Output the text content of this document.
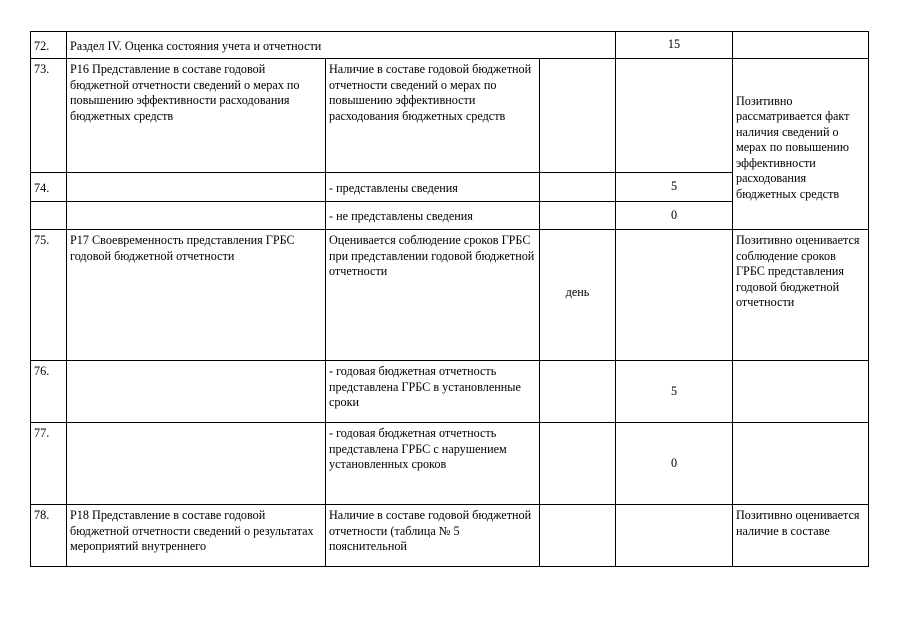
72.	Раздел IV. Оценка состояния учета и отчетности			15	
73.	P16 Представление в составе годовой бюджетной отчетности сведений о мерах по повышению эффективности расходования бюджетных средств	Наличие в составе годовой бюджетной отчетности сведений о мерах по повышению эффективности расходования бюджетных средств			Позитивно рассматривается факт наличия сведений о мерах по повышению эффективности расходования бюджетных средств
74.		- представлены сведения		5	
		- не представлены сведения		0	
75.	P17 Своевременность представления ГРБС годовой бюджетной отчетности	Оценивается соблюдение сроков ГРБС при представлении годовой бюджетной отчетности	день		Позитивно оценивается соблюдение сроков ГРБС представления годовой бюджетной отчетности
76.		- годовая бюджетная отчетность представлена ГРБС в установленные сроки		5	
77.		- годовая бюджетная отчетность представлена ГРБС с нарушением установленных сроков		0	
78.	P18 Представление в составе годовой бюджетной отчетности сведений о результатах мероприятий внутреннего	Наличие в составе годовой бюджетной отчетности (таблица № 5 пояснительной			Позитивно оценивается наличие в составе
